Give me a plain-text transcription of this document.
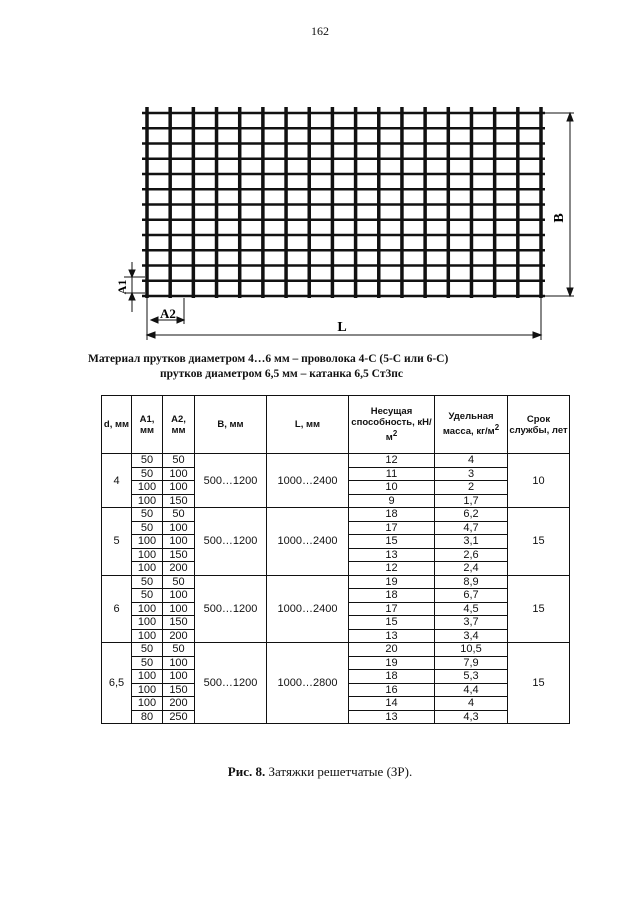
162
B
L
A2
A1
Материал прутков диаметром 4…6 мм – проволока 4-С (5-С или 6-С)
прутков диаметром 6,5 мм – катанка 6,5 Ст3пс
d, мм	A1, мм	A2, мм	B, мм	L, мм	Несущая способность, $кН/м^2$	Удельная масса, $кг/м^2$	Срок службы, лет
4	50	50	500…1200	1000…2400	12	4	10
	50	100			11	3	
	100	100			10	2	
	100	150			9	1,7	
5	50	50	500…1200	1000…2400	18	6,2	15
	50	100			17	4,7	
	100	100			15	3,1	
	100	150			13	2,6	
	100	200			12	2,4	
6	50	50	500…1200	1000…2400	19	8,9	15
	50	100			18	6,7	
	100	100			17	4,5	
	100	150			15	3,7	
	100	200			13	3,4	
6,5	50	50	500…1200	1000…2800	20	10,5	15
	50	100			19	7,9	
	100	100			18	5,3	
	100	150			16	4,4	
	100	200			14	4	
	80	250			13	4,3	
Рис. 8. Затяжки решетчатые (ЗР).
